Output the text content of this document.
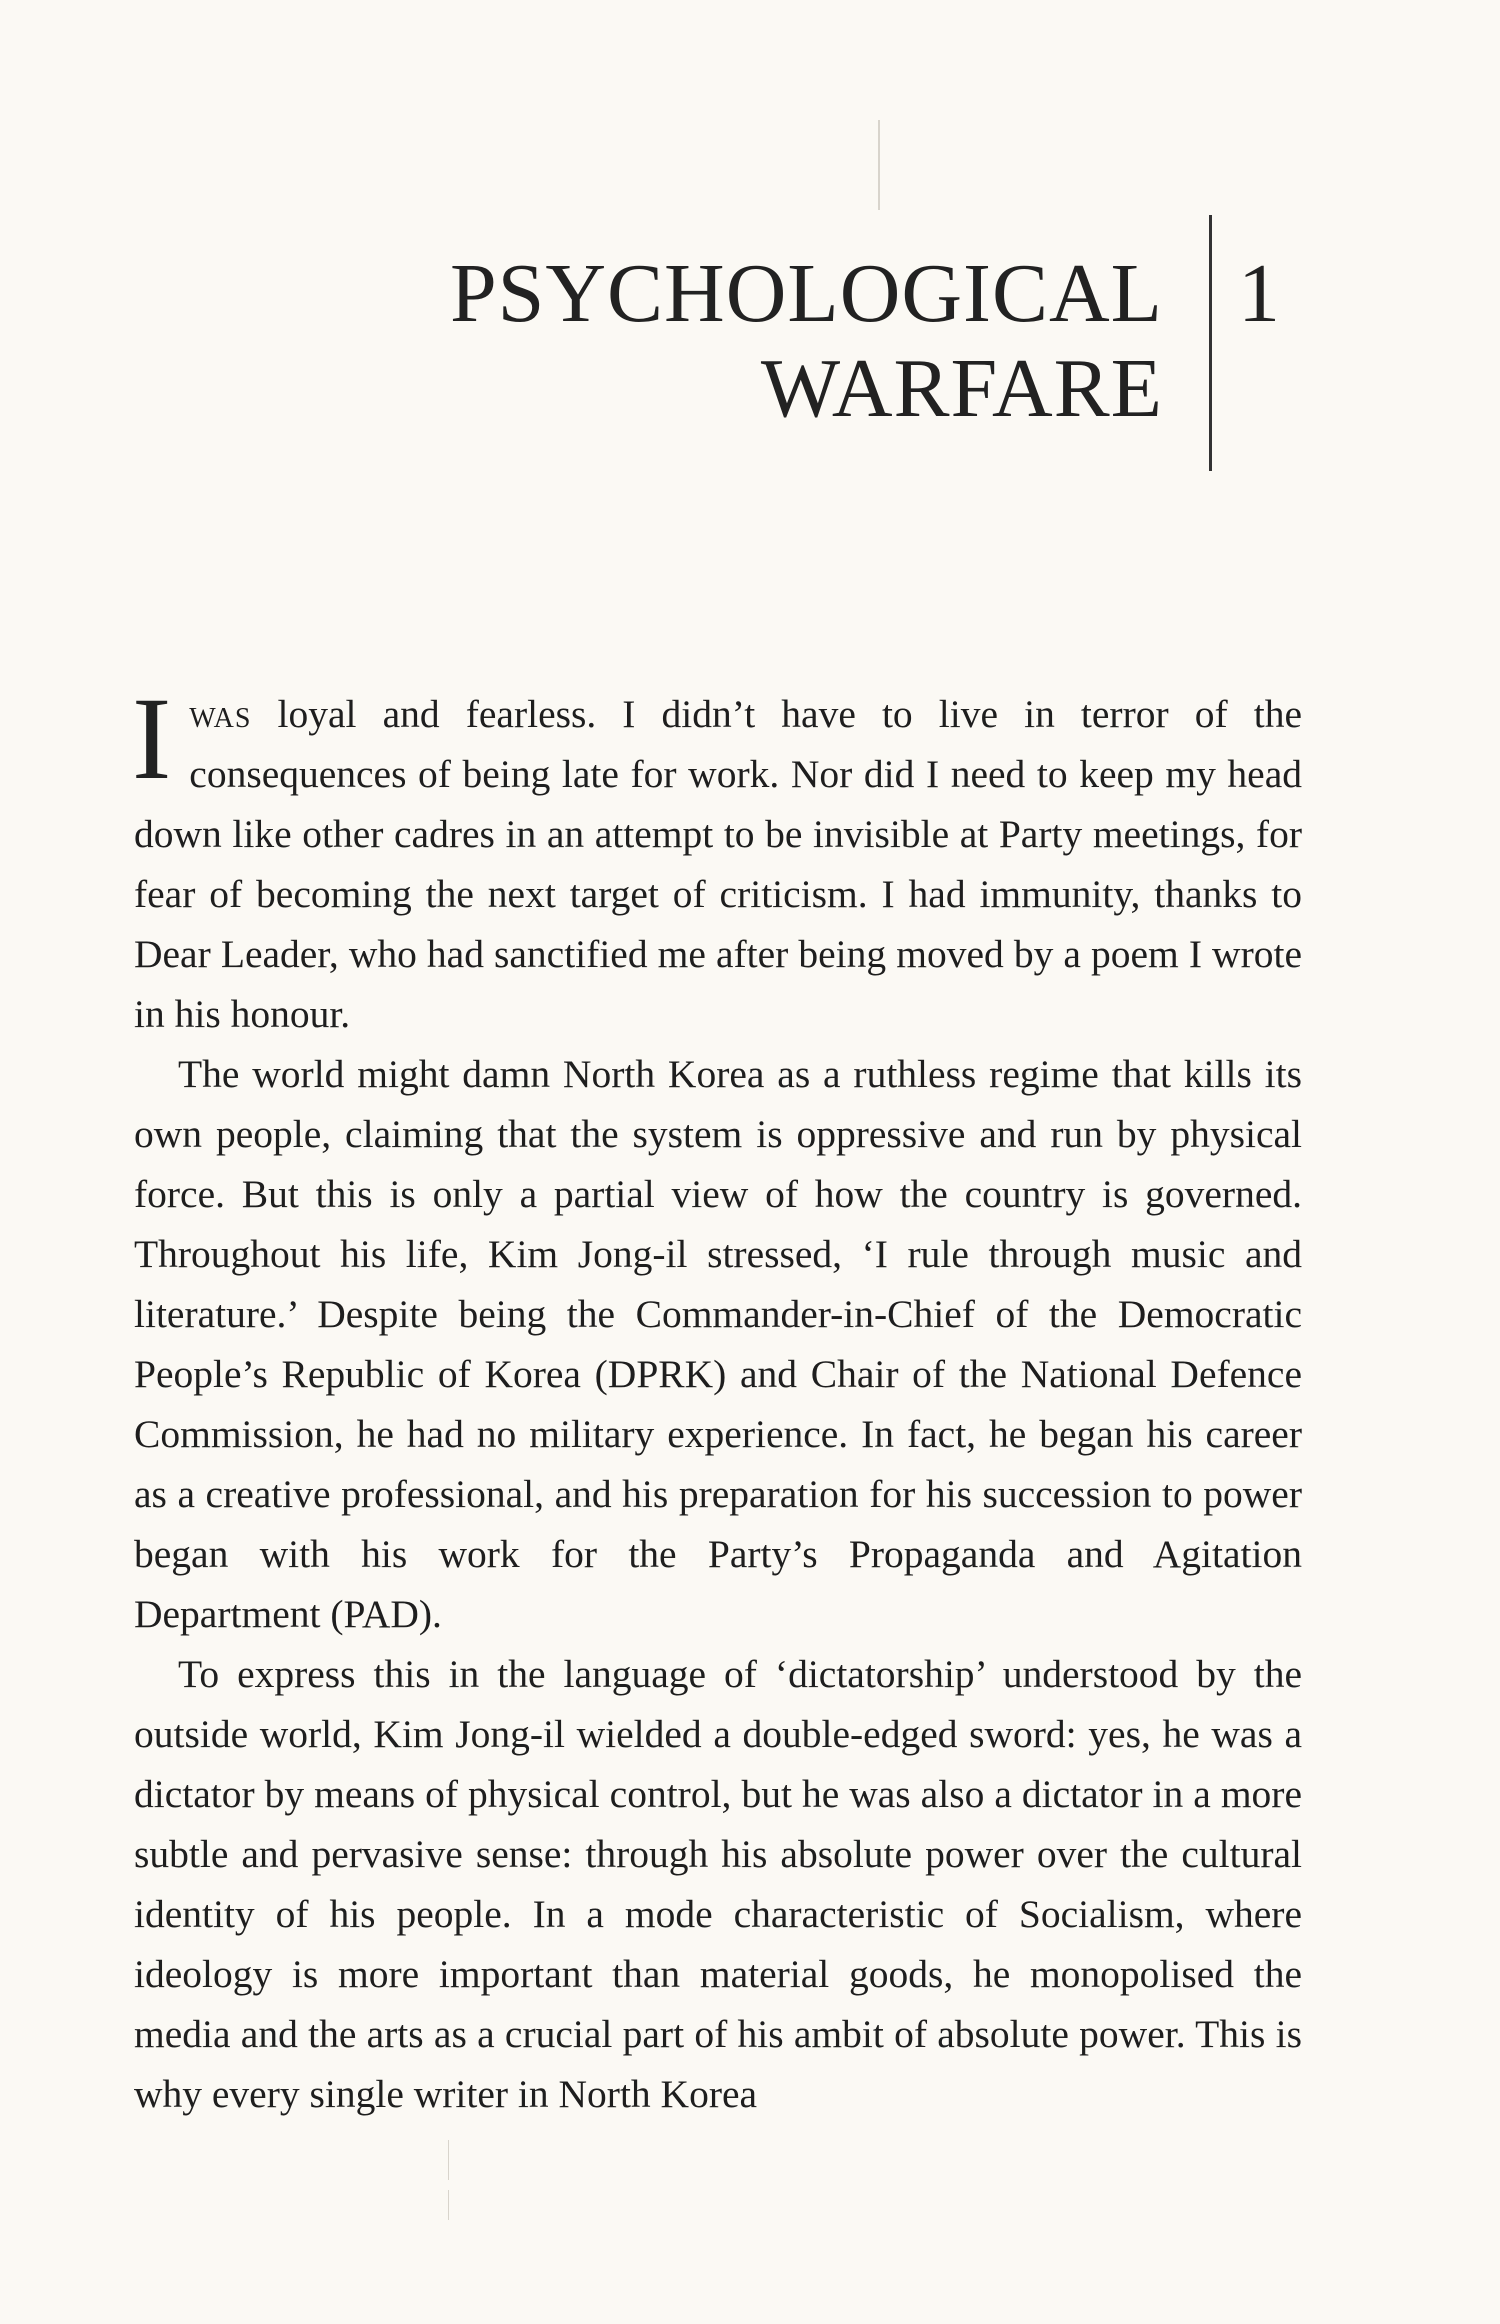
PSYCHOLOGICAL
WARFARE
1

Iwas loyal and fearless. I didn’t have to live in terror of the consequences of being late for work. Nor did I need to keep my head down like other cadres in an attempt to be invisible at Party meetings, for fear of becoming the next target of criticism. I had immunity, thanks to Dear Leader, who had sanctified me after being moved by a poem I wrote in his honour.

The world might damn North Korea as a ruthless regime that kills its own people, claiming that the system is oppressive and run by physical force. But this is only a partial view of how the country is governed. Throughout his life, Kim Jong-il stressed, ‘I rule through music and literature.’ Despite being the Commander-in-Chief of the Democratic People’s Republic of Korea (DPRK) and Chair of the National Defence Commission, he had no military experience. In fact, he began his career as a creative professional, and his preparation for his succession to power began with his work for the Party’s Propaganda and Agitation Department (PAD).

To express this in the language of ‘dictatorship’ understood by the outside world, Kim Jong-il wielded a double-edged sword: yes, he was a dictator by means of physical control, but he was also a dictator in a more subtle and pervasive sense: through his absolute power over the cultural identity of his people. In a mode characteristic of Socialism, where ideology is more important than material goods, he monopolised the media and the arts as a crucial part of his ambit of absolute power. This is why every single writer in North Korea
